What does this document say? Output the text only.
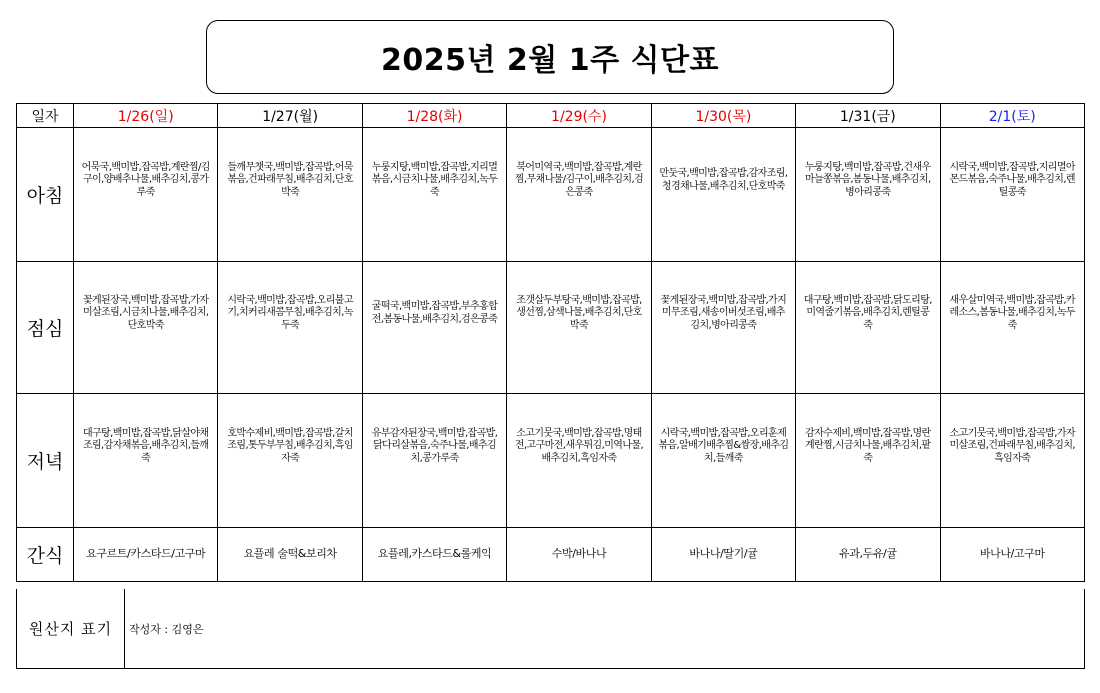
2025년 2월 1주 식단표
일자	1/26(일)	1/27(월)	1/28(화)	1/29(수)	1/30(목)	1/31(금)	2/1(토)
아침	어묵국,백미밥,잡곡밥,계란찜/김구이,양배추나물,배추김치,콩가루죽	들깨무챗국,백미밥,잡곡밥,어묵볶음,건파래무침,배추김치,단호박죽	누룽지탕,백미밥,잡곡밥,지리멸볶음,시금치나물,배추김치,녹두죽	북어미역국,백미밥,잡곡밥,계란찜,무채나물/김구이,배추김치,검은콩죽	만둣국,백미밥,잡곡밥,감자조림,청경채나물,배추김치,단호박죽	누룽지탕,백미밥,잡곡밥,건새우마늘쫑볶음,봄동나물,배추김치,병아리콩죽	시락국,백미밥,잡곡밥,지리멸아몬드볶음,숙주나물,배추김치,렌틸콩죽

점심	꽃게된장국,백미밥,잡곡밥,가자미살조림,시금치나물,배추김치,단호박죽	시락국,백미밥,잡곡밥,오리불고기,치커리새콤무침,배추김치,녹두죽	굴떡국,백미밥,잡곡밥,부추홍합전,봄동나물,배추김치,검은콩죽	조갯살두부탕국,백미밥,잡곡밥,생선찜,삼색나물,배추김치,단호박죽	꽃게된장국,백미밥,잡곡밥,가지미무조림,새송이버섯조림,배추김치,병아리콩죽	대구탕,백미밥,잡곡밥,닭도리탕,미역줄기볶음,배추김치,렌틸콩죽	새우살미역국,백미밥,잡곡밥,카레소스,봄동나물,배추김치,녹두죽

저녁	대구탕,백미밥,잡곡밥,닭살야채조림,감자채볶음,배추김치,들깨죽	호박수제비,백미밥,잡곡밥,갈치조림,톳두부무침,배추김치,흑임자죽	유부감자된장국,백미밥,잡곡밥,닭다리살볶음,숙주나물,배추김치,콩가루죽	소고기뭇국,백미밥,잡곡밥,명태전,고구마전,새우튀김,미역나물,배추김치,흑임자죽	시락국,백미밥,잡곡밥,오리훈제볶음,알배기배추찜&쌈장,배추김치,들깨죽	감자수제비,백미밥,잡곡밥,명란계란찜,시금치나물,배추김치,팥죽	소고기뭇국,백미밥,잡곡밥,가자미살조림,건파래무침,배추김치,흑임자죽

간식	요구르트/카스타드/고구마	요플레 술떡&보리차	요플레,카스타드&롤케익	수박/바나나	바나나/딸기/귤	유과,두유/귤	바나나/고구마
원산지 표기	작성자 : 김영은
